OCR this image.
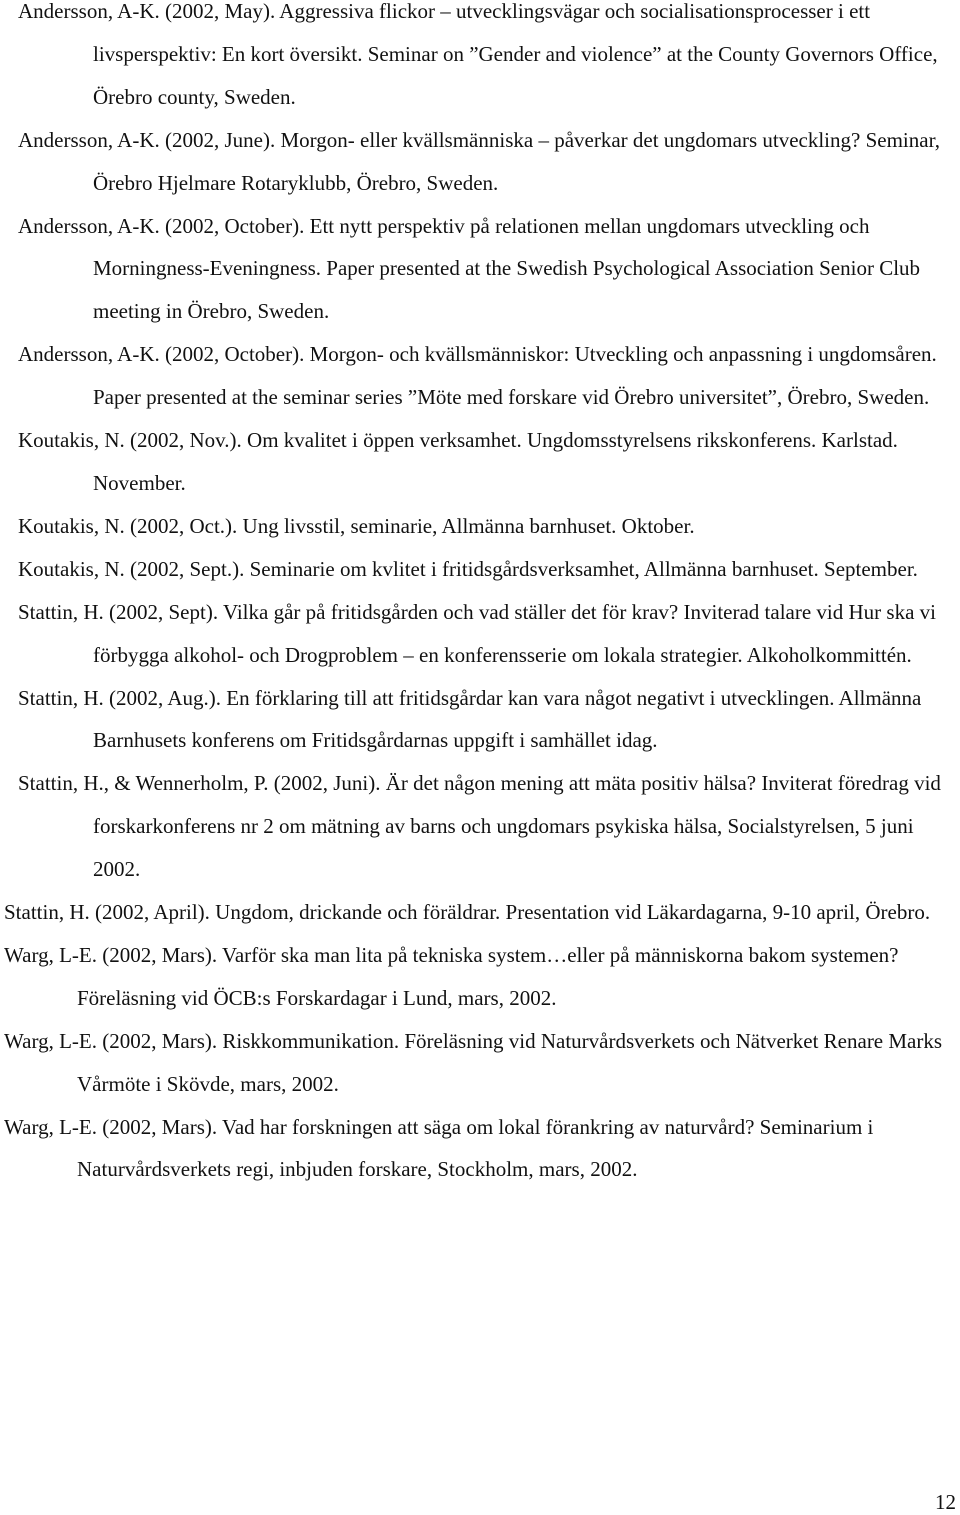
Andersson, A-K. (2002, May). Aggressiva flickor – utvecklingsvägar och socialisationsprocesser i ett livsperspektiv: En kort översikt. Seminar on ”Gender and violence” at the County Governors Office, Örebro county, Sweden.

Andersson, A-K. (2002, June). Morgon- eller kvällsmänniska – påverkar det ungdomars utveckling? Seminar, Örebro Hjelmare Rotaryklubb, Örebro, Sweden.

Andersson, A-K. (2002, October). Ett nytt perspektiv på relationen mellan ungdomars utveckling och Morningness-Eveningness. Paper presented at the Swedish Psychological Association Senior Club meeting in Örebro, Sweden.

Andersson, A-K. (2002, October). Morgon- och kvällsmänniskor: Utveckling och anpassning i ungdomsåren. Paper presented at the seminar series ”Möte med forskare vid Örebro universitet”, Örebro, Sweden.

Koutakis, N. (2002, Nov.). Om kvalitet i öppen verksamhet. Ungdomsstyrelsens rikskonferens. Karlstad. November.

Koutakis, N. (2002, Oct.). Ung livsstil, seminarie, Allmänna barnhuset. Oktober.

Koutakis, N. (2002, Sept.). Seminarie om kvlitet i fritidsgårdsverksamhet, Allmänna barnhuset. September.

Stattin, H. (2002, Sept). Vilka går på fritidsgården och vad ställer det för krav? Inviterad talare vid Hur ska vi förbygga alkohol- och Drogproblem – en konferensserie om lokala strategier. Alkoholkommittén.

Stattin, H. (2002, Aug.). En förklaring till att fritidsgårdar kan vara något negativt i utvecklingen. Allmänna Barnhusets konferens om Fritidsgårdarnas uppgift i samhället idag.

Stattin, H., & Wennerholm, P. (2002, Juni). Är det någon mening att mäta positiv hälsa? Inviterat föredrag vid forskarkonferens nr 2 om mätning av barns och ungdomars psykiska hälsa, Socialstyrelsen, 5 juni 2002.

Stattin, H. (2002, April). Ungdom, drickande och föräldrar. Presentation vid Läkardagarna, 9-10 april, Örebro.

Warg, L-E. (2002, Mars). Varför ska man lita på tekniska system…eller på människorna bakom systemen? Föreläsning vid ÖCB:s Forskardagar i Lund, mars, 2002.

Warg, L-E. (2002, Mars). Riskkommunikation. Föreläsning vid Naturvårdsverkets och Nätverket Renare Marks Vårmöte i Skövde, mars, 2002.

Warg, L-E. (2002, Mars). Vad har forskningen att säga om lokal förankring av naturvård? Seminarium i Naturvårdsverkets regi, inbjuden forskare, Stockholm, mars, 2002.

12
